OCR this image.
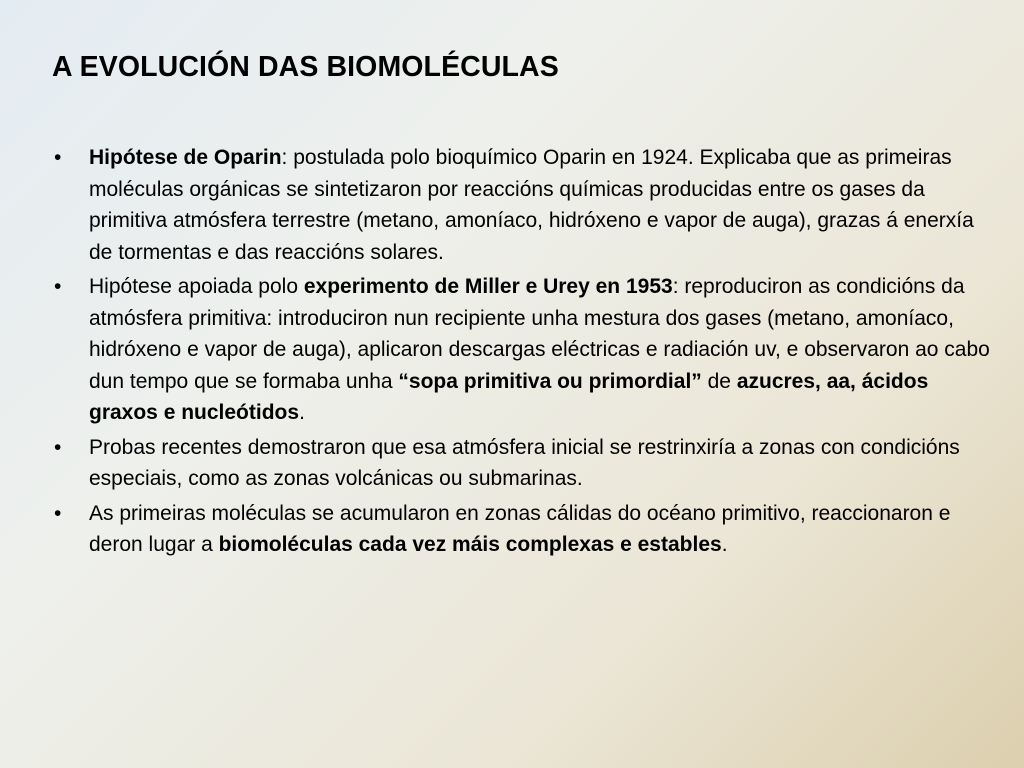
A EVOLUCIÓN DAS BIOMOLÉCULAS
• Hipótese de Oparin: postulada polo bioquímico Oparin en 1924. Explicaba que as primeiras moléculas orgánicas se sintetizaron por reaccións químicas producidas entre os gases da primitiva atmósfera terrestre (metano, amoníaco, hidróxeno e vapor de auga), grazas á enerxía de tormentas e das reaccións solares.
• Hipótese apoiada polo experimento de Miller e Urey en 1953: reproduciron as condicións da atmósfera primitiva: introduciron nun recipiente unha mestura dos gases (metano, amoníaco, hidróxeno e vapor de auga), aplicaron descargas eléctricas e radiación uv, e observaron ao cabo dun tempo que se formaba unha “sopa primitiva ou primordial” de azucres, aa, ácidos graxos e nucleótidos.
• Probas recentes demostraron que esa atmósfera inicial se restrinxiría a zonas con condicións especiais, como as zonas volcánicas ou submarinas.
• As primeiras moléculas se acumularon en zonas cálidas do océano primitivo, reaccionaron e deron lugar a biomoléculas cada vez máis complexas e estables.
